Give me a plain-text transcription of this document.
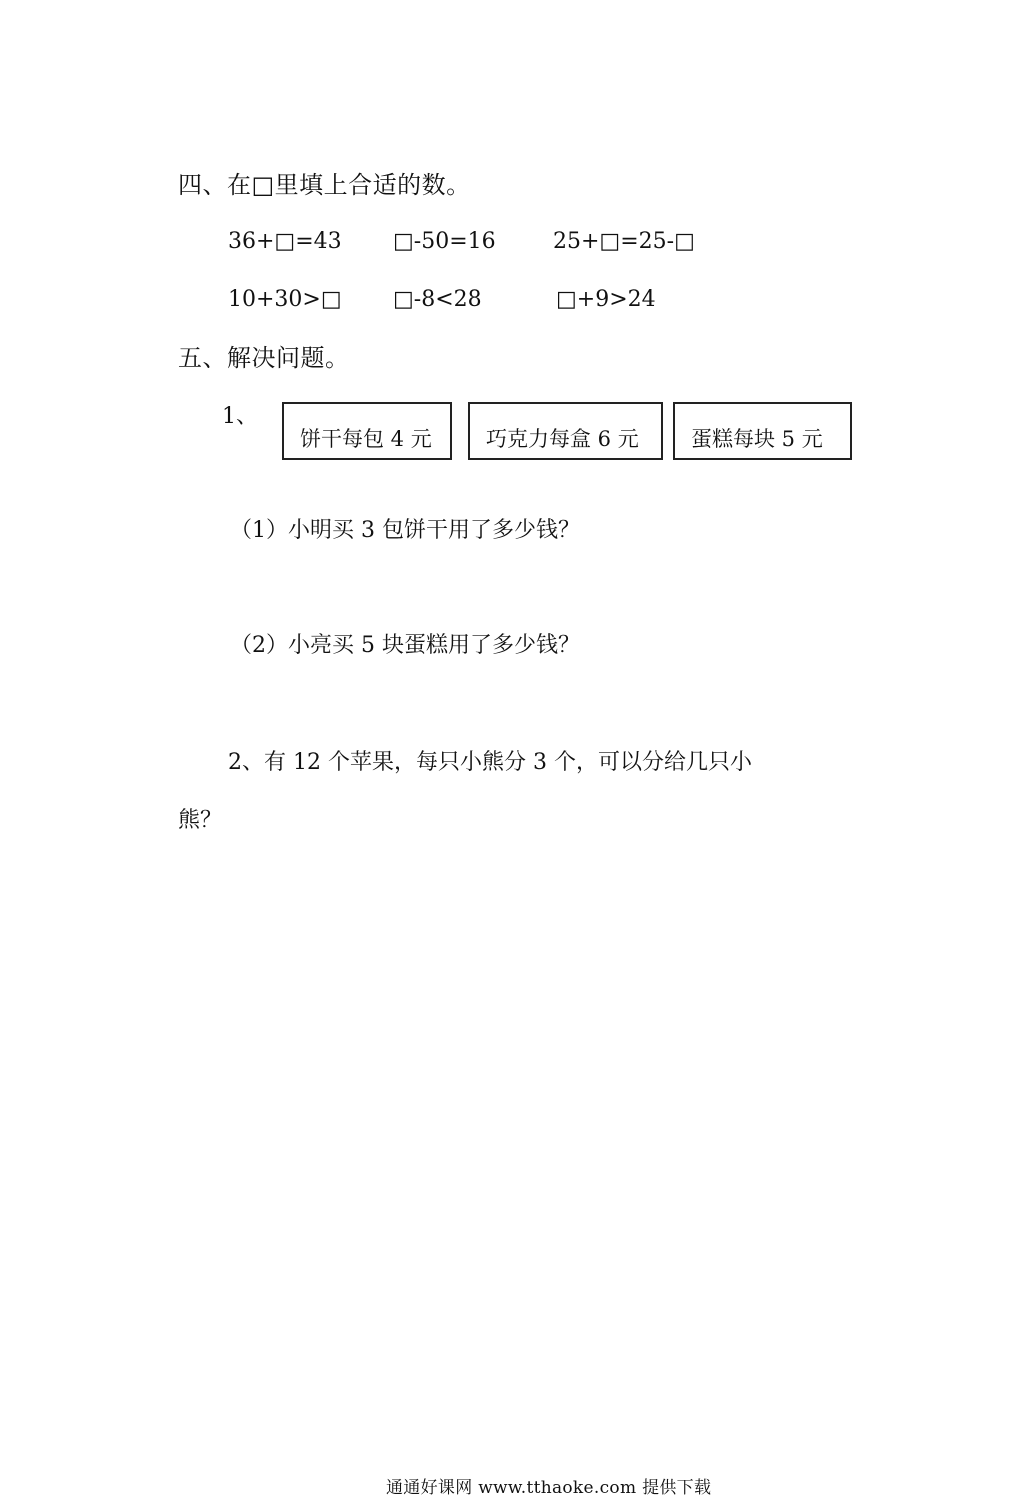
四、在□里填上合适的数。
36+□=43 □-50=16	25+□=25-□
10+30>□ □-8<28	□+9>24
五、解决问题。
1、
饼干每包 4 元	巧克力每盒 6 元 蛋糕每块 5 元
（1）小明买 3 包饼干用了多少钱？
（2）小亮买 5 块蛋糕用了多少钱？
2、有 12 个苹果，每只小熊分 3 个，可以分给几只小
熊？
通通好课网 www.tthaoke.com 提供下载
